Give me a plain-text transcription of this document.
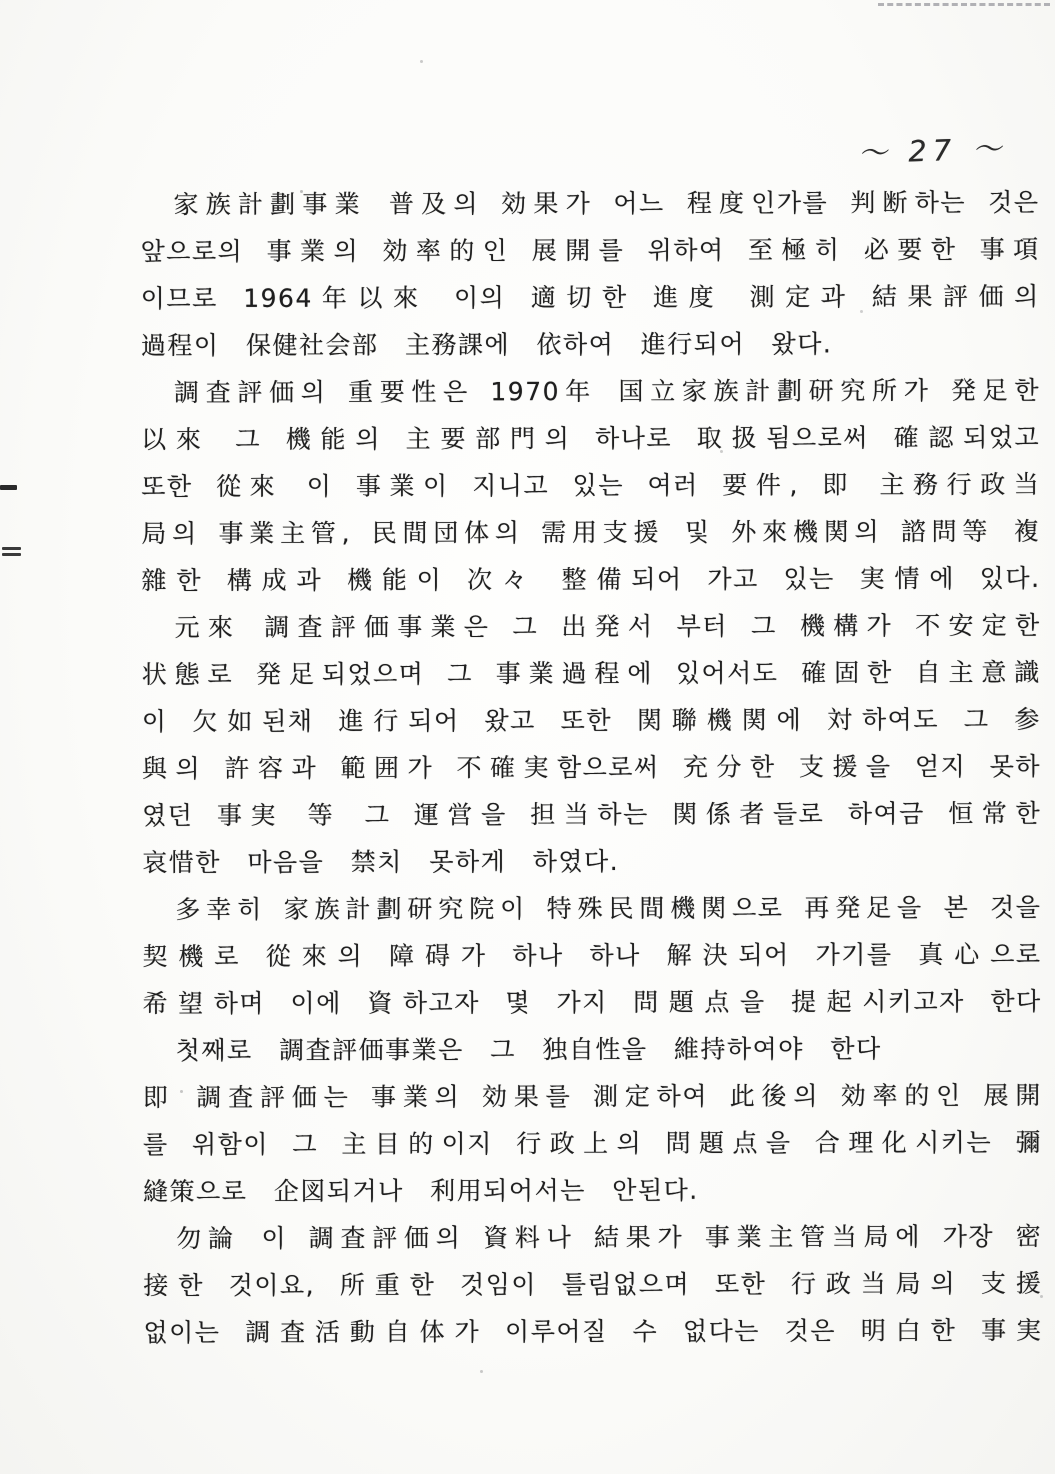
〜 27 〜
家族計劃事業 普及의 効果가 어느 程度인가를 判断하는 것은
앞으로의 事業의 効率的인 展開를 위하여 至極히 必要한 事項
이므로 1964年以來 이의 適切한 進度 測定과 結果評価의
過程이 保健社会部 主務課에 依하여 進行되어 왔다.
調査評価의 重要性은 1970年 国立家族計劃研究所가 発足한
以來 그 機能의 主要部門의 하나로 取扱됨으로써 確認되었고
또한 從來 이 事業이 지니고 있는 여러 要件, 即 主務行政当
局의 事業主管, 民間団体의 需用支援 및 外來機関의 諮問等 複
雜한 構成과 機能이 次々 整備되어 가고 있는 実情에 있다.
元來 調査評価事業은 그 出発서 부터 그 機構가 不安定한
状態로 発足되었으며 그 事業過程에 있어서도 確固한 自主意識
이 欠如된채 進行되어 왔고 또한 関聯機関에 対하여도 그 参
與의 許容과 範囲가 不確実함으로써 充分한 支援을 얻지 못하
였던 事実 等 그 運営을 担当하는 関係者들로 하여금 恒常한
哀惜한 마음을 禁치 못하게 하였다.
多幸히 家族計劃研究院이 特殊民間機関으로 再発足을 본 것을
契機로 從來의 障碍가 하나 하나 解決되어 가기를 真心으로
希望하며 이에 資하고자 몇 가지 問題点을 提起시키고자 한다
첫째로 調査評価事業은 그 独自性을 維持하여야 한다
即 調査評価는 事業의 効果를 測定하여 此後의 効率的인 展開
를 위함이 그 主目的이지 行政上의 問題点을 合理化시키는 彌
縫策으로 企図되거나 利用되어서는 안된다.
勿論 이 調査評価의 資料나 結果가 事業主管当局에 가장 密
接한 것이요, 所重한 것임이 틀림없으며 또한 行政当局의 支援
없이는 調査活動自体가 이루어질 수 없다는 것은 明白한 事実
